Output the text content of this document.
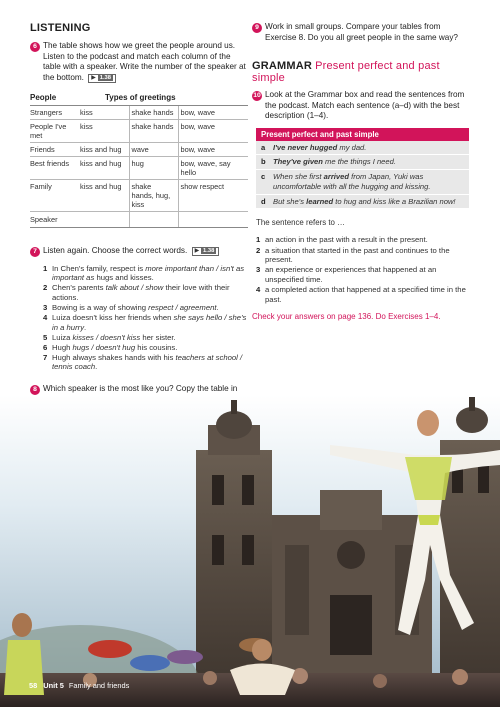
LISTENING
6 The table shows how we greet the people around us. Listen to the podcast and match each column of the table with a speaker. Write the number of the speaker at the bottom. ▶ 1.38
People	Types of greetings		
Strangers	kiss	shake hands	bow, wave
People I've met	kiss	shake hands	bow, wave
Friends	kiss and hug	wave	bow, wave
Best friends	kiss and hug	hug	bow, wave, say hello
Family	kiss and hug	shake hands, hug, kiss	show respect
Speaker			
7 Listen again. Choose the correct words. ▶ 1.38
1 In Chen's family, respect is more important than / isn't as important as hugs and kisses.
2 Chen's parents talk about / show their love with their actions.
3 Bowing is a way of showing respect / agreement.
4 Luiza doesn't kiss her friends when she says hello / she's in a hurry.
5 Luiza kisses / doesn't kiss her sister.
6 Hugh hugs / doesn't hug his cousins.
7 Hugh always shakes hands with his teachers at school / tennis coach.
8 Which speaker is the most like you? Copy the table in
9 Work in small groups. Compare your tables from Exercise 8. Do you all greet people in the same way?
GRAMMAR Present perfect and past simple
10 Look at the Grammar box and read the sentences from the podcast. Match each sentence (a–d) with the best description (1–4).
Present perfect and past simple
a	I've never hugged my dad.
b They've given me the things I need.
c	When she first arrived from Japan, Yuki was uncomfortable with all the hugging and kissing.
d But she's learned to hug and kiss like a Brazilian now!
The sentence refers to …
1 an action in the past with a result in the present.
2 a situation that started in the past and continues to the present.
3 an experience or experiences that happened at an unspecified time.
4 a completed action that happened at a specified time in the past.
Check your answers on page 136. Do Exercises 1–4.
58 Unit 5 Family and friends
